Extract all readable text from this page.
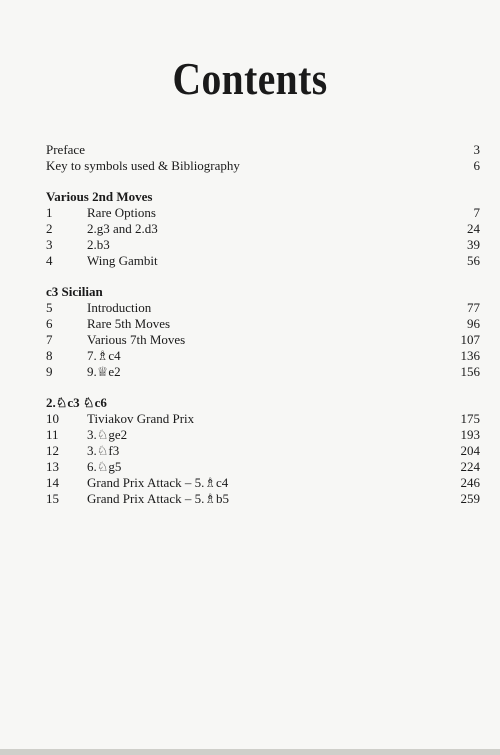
Contents
Preface	3
Key to symbols used & Bibliography	6
Various 2nd Moves
1	Rare Options	7
2	2.g3 and 2.d3	24
3	2.b3	39
4	Wing Gambit	56
c3 Sicilian
5	Introduction	77
6	Rare 5th Moves	96
7	Various 7th Moves	107
8	7.♗c4	136
9	9.♕e2	156
2.♘c3 ♘c6
10 Tiviakov Grand Prix	175
11 3.♘ge2	193
12 3.♘f3	204
13 6.♘g5	224
14 Grand Prix Attack – 5.♗c4	246
15 Grand Prix Attack – 5.♗b5	259
